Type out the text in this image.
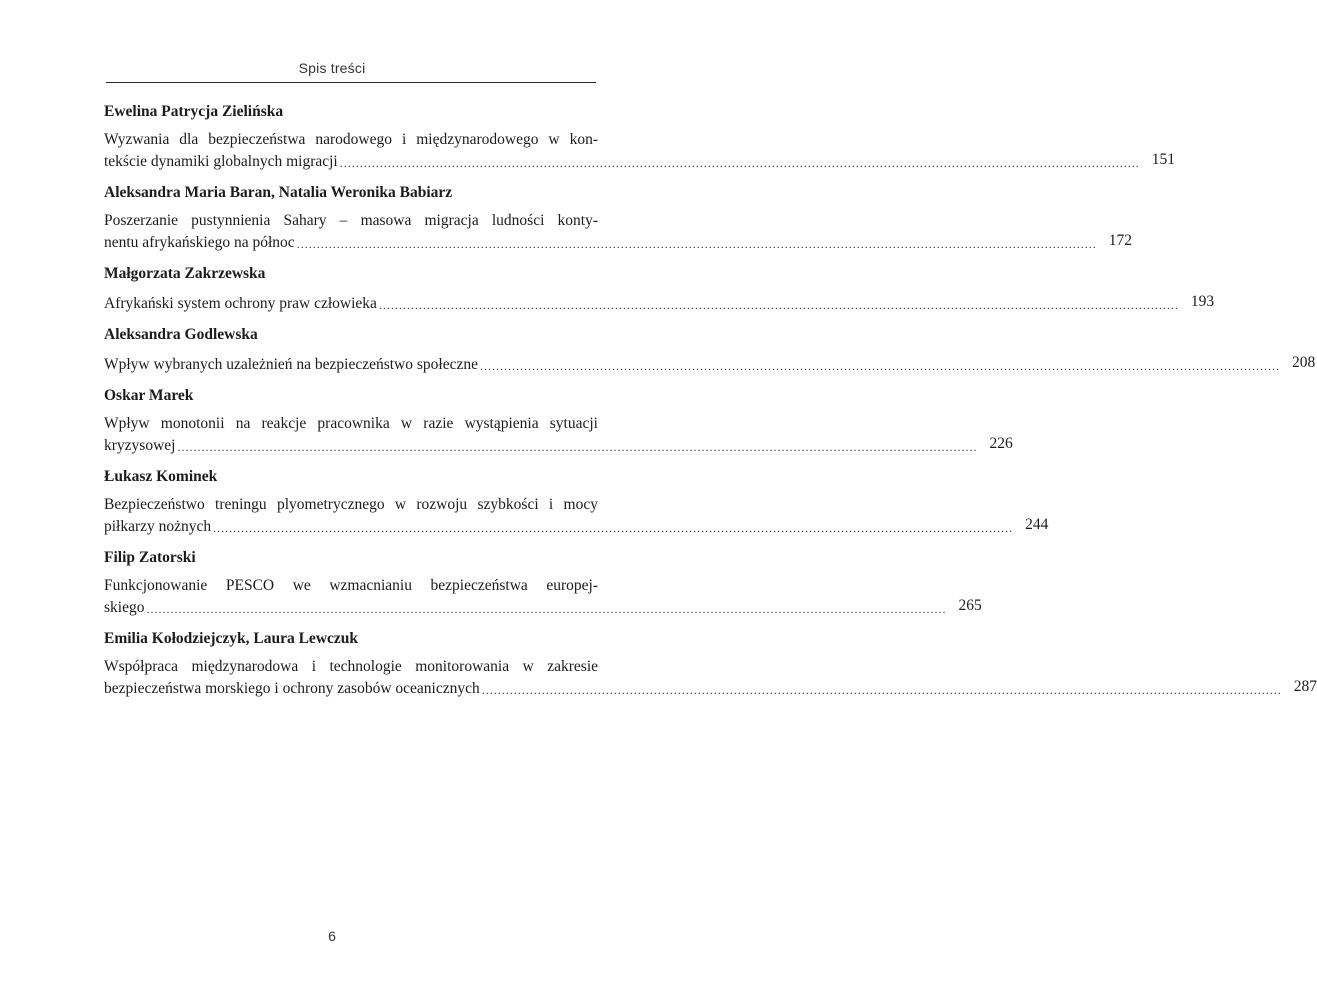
Spis treści
Ewelina Patrycja Zielińska
Wyzwania dla bezpieczeństwa narodowego i międzynarodowego w kon-
tekście dynamiki globalnych migracji ........................................................................................................................................................................................................ 151
Aleksandra Maria Baran, Natalia Weronika Babiarz
Poszerzanie pustynnienia Sahary – masowa migracja ludności konty-
nentu afrykańskiego na północ ........................................................................................................................................................................................................ 172
Małgorzata Zakrzewska
Afrykański system ochrony praw człowieka ........................................................................................................................................................................................................ 193
Aleksandra Godlewska
Wpływ wybranych uzależnień na bezpieczeństwo społeczne ........................................................................................................................................................................................................ 208
Oskar Marek
Wpływ monotonii na reakcje pracownika w razie wystąpienia sytuacji
kryzysowej ........................................................................................................................................................................................................ 226
Łukasz Kominek
Bezpieczeństwo treningu plyometrycznego w rozwoju szybkości i mocy
piłkarzy nożnych ........................................................................................................................................................................................................ 244
Filip Zatorski
Funkcjonowanie PESCO we wzmacnianiu bezpieczeństwa europej-
skiego ........................................................................................................................................................................................................ 265
Emilia Kołodziejczyk, Laura Lewczuk
Współpraca międzynarodowa i technologie monitorowania w zakresie
bezpieczeństwa morskiego i ochrony zasobów oceanicznych ........................................................................................................................................................................................................ 287
6
